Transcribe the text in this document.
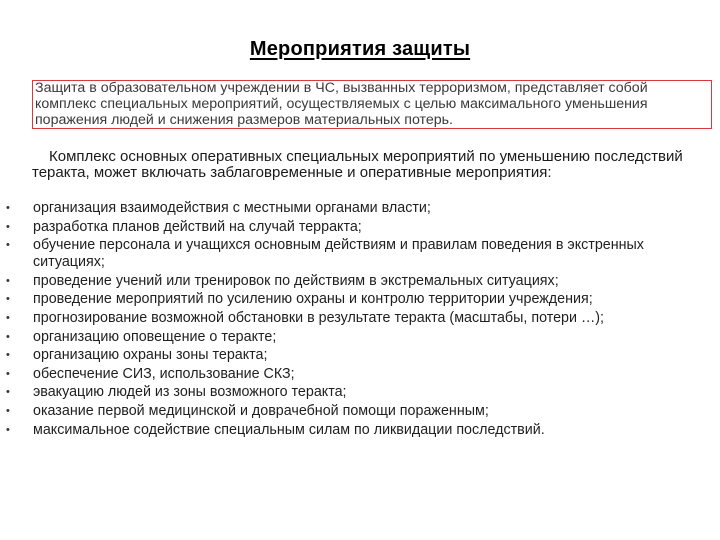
Мероприятия защиты
Защита в образовательном учреждении в ЧС, вызванных терроризмом, представляет собой комплекс специальных мероприятий, осуществляемых с целью максимального уменьшения поражения людей и снижения размеров материальных потерь.
Комплекс основных оперативных специальных мероприятий по уменьшению последствий теракта, может включать заблаговременные и оперативные мероприятия:
• организация взаимодействия с местными органами власти;
• разработка планов действий на случай терракта;
• обучение персонала и учащихся основным действиям и правилам поведения в экстренных ситуациях;
• проведение учений или тренировок по действиям в экстремальных ситуациях;
• проведение мероприятий по усилению охраны и контролю территории учреждения;
• прогнозирование возможной обстановки в результате теракта (масштабы, потери …);
• организацию оповещение о теракте;
• организацию охраны зоны теракта;
• обеспечение СИЗ, использование СКЗ;
• эвакуацию людей из зоны возможного теракта;
• оказание первой медицинской и доврачебной помощи пораженным;
• максимальное содействие специальным силам по ликвидации последствий.
